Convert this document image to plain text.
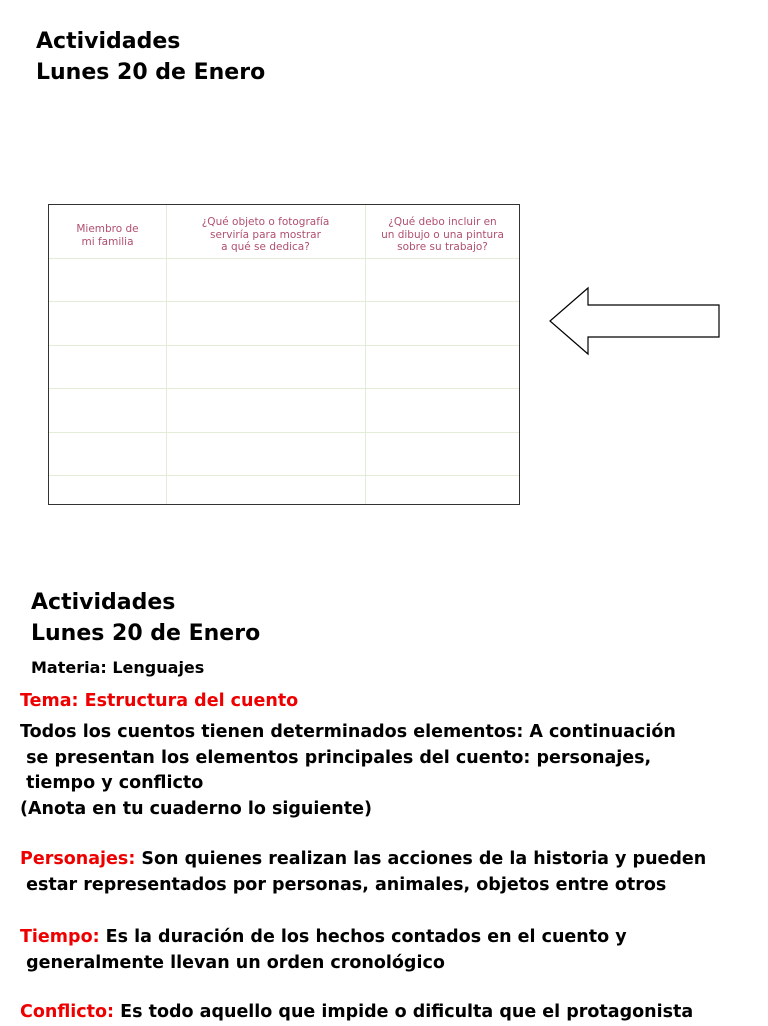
Actividades
Lunes 20 de Enero
Miembro de
mi familia
¿Qué objeto o fotografía
serviría para mostrar
a qué se dedica?
¿Qué debo incluir en
un dibujo o una pintura
sobre su trabajo?
Actividades
Lunes 20 de Enero
Materia: Lenguajes
Tema: Estructura del cuento
Todos los cuentos tienen determinados elementos: A continuación
se presentan los elementos principales del cuento: personajes,
tiempo y conflicto
(Anota en tu cuaderno lo siguiente)
Personajes: Son quienes realizan las acciones de la historia y pueden
estar representados por personas, animales, objetos entre otros
Tiempo: Es la duración de los hechos contados en el cuento y
generalmente llevan un orden cronológico
Conflicto: Es todo aquello que impide o dificulta que el protagonista
